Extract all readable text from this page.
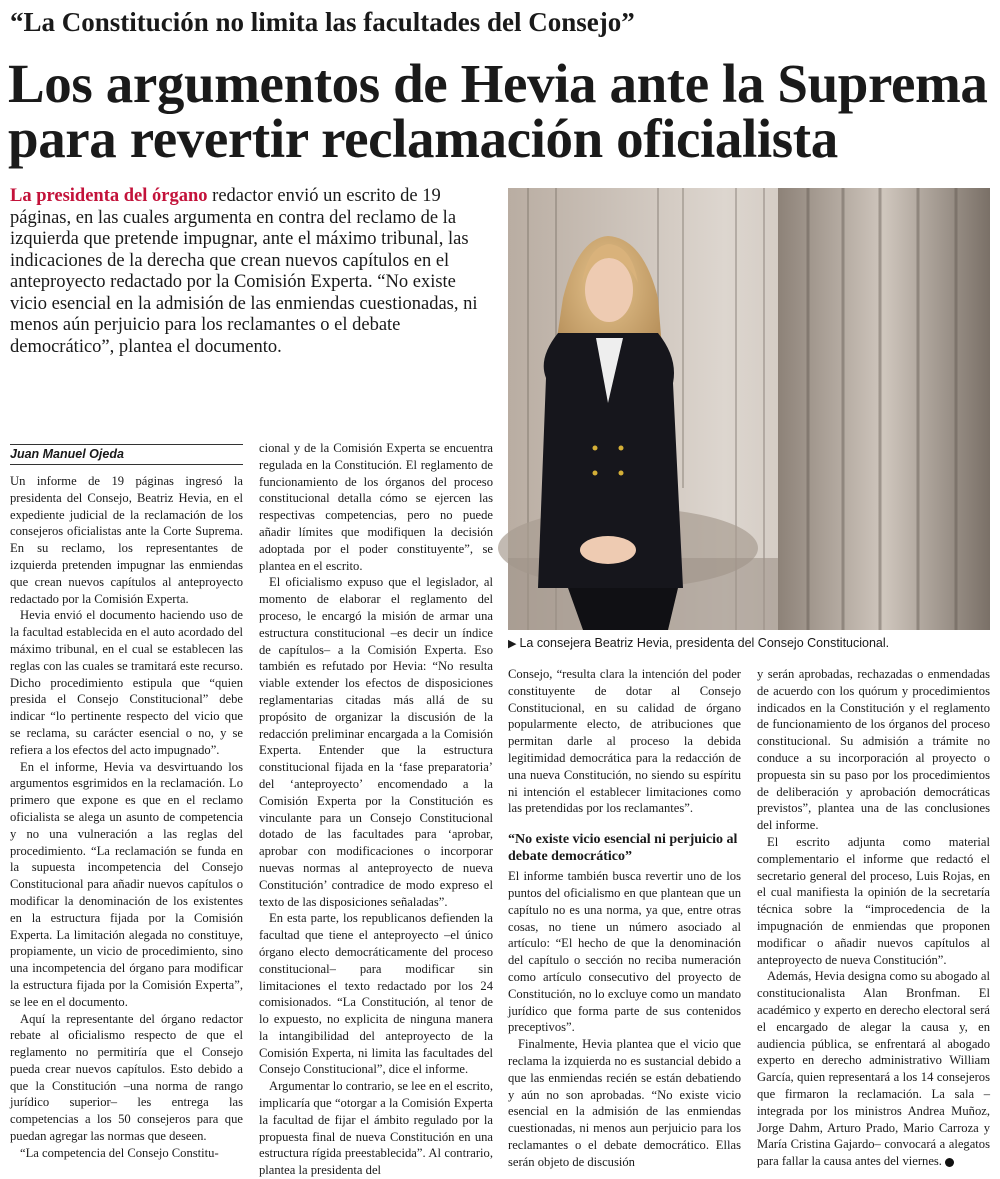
“La Constitución no limita las facultades del Consejo”
Los argumentos de Hevia ante la Suprema para revertir reclamación oficialista

La presidenta del órgano redactor envió un escrito de 19 páginas, en las cuales argumenta en contra del reclamo de la izquierda que pretende impugnar, ante el máximo tribunal, las indicaciones de la derecha que crean nuevos capítulos en el anteproyecto redactado por la Comisión Experta. “No existe vicio esencial en la admisión de las enmiendas cuestionadas, ni menos aún perjuicio para los reclamantes o el debate democrático”, plantea el documento.

▶ La consejera Beatriz Hevia, presidenta del Consejo Constitucional.

Juan Manuel Ojeda

Un informe de 19 páginas ingresó la presidenta del Consejo, Beatriz Hevia, en el expediente judicial de la reclamación de los consejeros oficialistas ante la Corte Suprema. En su reclamo, los representantes de izquierda pretenden impugnar las enmiendas que crean nuevos capítulos al anteproyecto redactado por la Comisión Experta.

Hevia envió el documento haciendo uso de la facultad establecida en el auto acordado del máximo tribunal, en el cual se establecen las reglas con las cuales se tramitará este recurso. Dicho procedimiento estipula que “quien presida el Consejo Constitucional” debe indicar “lo pertinente respecto del vicio que se reclama, su carácter esencial o no, y se refiera a los efectos del acto impugnado”.

En el informe, Hevia va desvirtuando los argumentos esgrimidos en la reclamación. Lo primero que expone es que en el reclamo oficialista se alega un asunto de competencia y no una vulneración a las reglas del procedimiento. “La reclamación se funda en la supuesta incompetencia del Consejo Constitucional para añadir nuevos capítulos o modificar la denominación de los existentes en la estructura fijada por la Comisión Experta. La limitación alegada no constituye, propiamente, un vicio de procedimiento, sino una incompetencia del órgano para modificar la estructura fijada por la Comisión Experta”, se lee en el documento.

Aquí la representante del órgano redactor rebate al oficialismo respecto de que el reglamento no permitiría que el Consejo pueda crear nuevos capítulos. Esto debido a que la Constitución –una norma de rango jurídico superior– les entrega las competencias a los 50 consejeros para que puedan agregar las normas que deseen.

“La competencia del Consejo Constitu-

cional y de la Comisión Experta se encuentra regulada en la Constitución. El reglamento de funcionamiento de los órganos del proceso constitucional detalla cómo se ejercen las respectivas competencias, pero no puede añadir límites que modifiquen la decisión adoptada por el poder constituyente”, se plantea en el escrito.

El oficialismo expuso que el legislador, al momento de elaborar el reglamento del proceso, le encargó la misión de armar una estructura constitucional –es decir un índice de capítulos– a la Comisión Experta. Eso también es refutado por Hevia: “No resulta viable extender los efectos de disposiciones reglamentarias citadas más allá de su propósito de organizar la discusión de la redacción preliminar encargada a la Comisión Experta. Entender que la estructura constitucional fijada en la ‘fase preparatoria’ del ‘anteproyecto’ encomendado a la Comisión Experta por la Constitución es vinculante para un Consejo Constitucional dotado de las facultades para ‘aprobar, aprobar con modificaciones o incorporar nuevas normas al anteproyecto de nueva Constitución’ contradice de modo expreso el texto de las disposiciones señaladas”.

En esta parte, los republicanos defienden la facultad que tiene el anteproyecto –el único órgano electo democráticamente del proceso constitucional– para modificar sin limitaciones el texto redactado por los 24 comisionados. “La Constitución, al tenor de lo expuesto, no explicita de ninguna manera la intangibilidad del anteproyecto de la Comisión Experta, ni limita las facultades del Consejo Constitucional”, dice el informe.

Argumentar lo contrario, se lee en el escrito, implicaría que “otorgar a la Comisión Experta la facultad de fijar el ámbito regulado por la propuesta final de nueva Constitución en una estructura rígida preestablecida”. Al contrario, plantea la presidenta del

Consejo, “resulta clara la intención del poder constituyente de dotar al Consejo Constitucional, en su calidad de órgano popularmente electo, de atribuciones que permitan darle al proceso la debida legitimidad democrática para la redacción de una nueva Constitución, no siendo su espíritu ni intención el establecer limitaciones como las pretendidas por los reclamantes”.

“No existe vicio esencial ni perjuicio al debate democrático”

El informe también busca revertir uno de los puntos del oficialismo en que plantean que un capítulo no es una norma, ya que, entre otras cosas, no tiene un número asociado al artículo: “El hecho de que la denominación del capítulo o sección no reciba numeración como artículo consecutivo del proyecto de Constitución, no lo excluye como un mandato jurídico que forma parte de sus contenidos preceptivos”.

Finalmente, Hevia plantea que el vicio que reclama la izquierda no es sustancial debido a que las enmiendas recién se están debatiendo y aún no son aprobadas. “No existe vicio esencial en la admisión de las enmiendas cuestionadas, ni menos aun perjuicio para los reclamantes o el debate democrático. Ellas serán objeto de discusión

y serán aprobadas, rechazadas o enmendadas de acuerdo con los quórum y procedimientos indicados en la Constitución y el reglamento de funcionamiento de los órganos del proceso constitucional. Su admisión a trámite no conduce a su incorporación al proyecto o propuesta sin su paso por los procedimientos de deliberación y aprobación democráticas previstos”, plantea una de las conclusiones del informe.

El escrito adjunta como material complementario el informe que redactó el secretario general del proceso, Luis Rojas, en el cual manifiesta la opinión de la secretaría técnica sobre la “improcedencia de la impugnación de enmiendas que proponen modificar o añadir nuevos capítulos al anteproyecto de nueva Constitución”.

Además, Hevia designa como su abogado al constitucionalista Alan Bronfman. El académico y experto en derecho electoral será el encargado de alegar la causa y, en audiencia pública, se enfrentará al abogado experto en derecho administrativo William García, quien representará a los 14 consejeros que firmaron la reclamación. La sala –integrada por los ministros Andrea Muñoz, Jorge Dahm, Arturo Prado, Mario Carroza y María Cristina Gajardo– convocará a alegatos para fallar la causa antes del viernes.
